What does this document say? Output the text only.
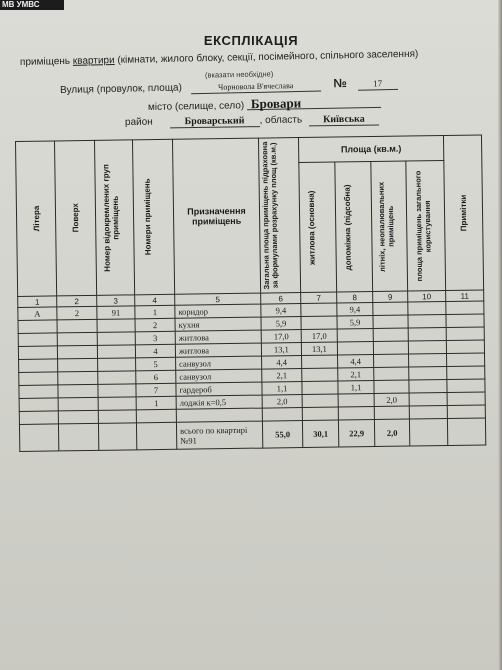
МВ УМВС
ЕКСПЛІКАЦІЯ
приміщень квартири (кімнати, жилого блоку, секції, посімейного, спільного заселення)
(вказати необхідне)
Вулиця (провулок, площа)	Чорновола В'ячеслава	№	17
місто (селище, село) Бровари
район	Броварський , область Київська
Літера	Поверх	Номер відокремлених груп приміщень	Номери приміщень	Призначення приміщень	Загальна площа приміщень підраховна за формулами розрахунку площ (кв.м.)	Площа (кв.м.)				Примітки

						житлова (основна)	допоміжна (підсобна)	літніх, неопалювальних приміщень	площа приміщень загального користування	

1	2	3	4	5	6	7	8	9	10	11
А	2	91	1	коридор	9,4		9,4			
			2	кухня	5,9		5,9			
			3	житлова	17,0	17,0				
			4	житлова	13,1	13,1				
			5	санвузол	4,4		4,4			
			6	санвузол	2,1		2,1			
			7	гардероб	1,1		1,1			
			1	лоджія к=0,5	2,0			2,0		

				всього по квартирі №91	55,0	30,1	22,9	2,0		
